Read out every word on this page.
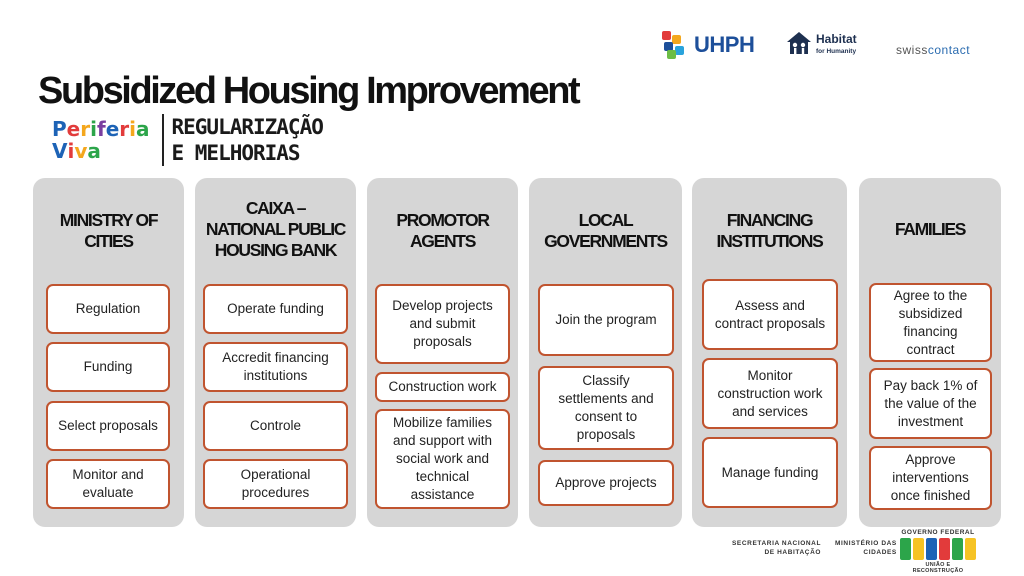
Subsidized Housing Improvement
UHPH	Habitat
for Humanity	swisscontact
Periferia
Viva
REGULARIZAÇÃO
E MELHORIAS
MINISTRY OF
CITIES
Regulation
Funding
Select proposals
Monitor and
evaluate
CAIXA –
NATIONAL PUBLIC
HOUSING BANK
Operate funding
Accredit financing
institutions
Controle
Operational
procedures
PROMOTOR
AGENTS
Develop projects
and submit
proposals
Construction work
Mobilize families
and support with
social work and
technical
assistance
LOCAL
GOVERNMENTS
Join the program
Classify
settlements and
consent to
proposals
Approve projects
FINANCING
INSTITUTIONS
Assess and
contract proposals
Monitor
construction work
and services
Manage funding
FAMILIES
Agree to the
subsidized
financing
contract
Pay back 1% of
the value of the
investment
Approve
interventions
once finished
SECRETARIA NACIONAL
DE HABITAÇÃO
MINISTÉRIO DAS
CIDADES
GOVERNO FEDERAL
UNIÃO E RECONSTRUÇÃO
